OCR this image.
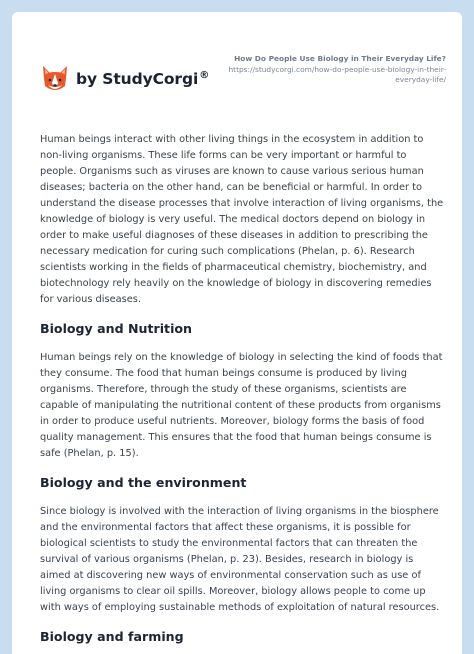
by StudyCorgi®
How Do People Use Biology in Their Everyday Life?
https://studycorgi.com/how-do-people-use-biology-in-their-everyday-life/

Human beings interact with other living things in the ecosystem in addition to non-living organisms. These life forms can be very important or harmful to people. Organisms such as viruses are known to cause various serious human diseases; bacteria on the other hand, can be beneficial or harmful. In order to understand the disease processes that involve interaction of living organisms, the knowledge of biology is very useful. The medical doctors depend on biology in order to make useful diagnoses of these diseases in addition to prescribing the necessary medication for curing such complications (Phelan, p. 6). Research scientists working in the fields of pharmaceutical chemistry, biochemistry, and biotechnology rely heavily on the knowledge of biology in discovering remedies for various diseases.

Biology and Nutrition

Human beings rely on the knowledge of biology in selecting the kind of foods that they consume. The food that human beings consume is produced by living organisms. Therefore, through the study of these organisms, scientists are capable of manipulating the nutritional content of these products from organisms in order to produce useful nutrients. Moreover, biology forms the basis of food quality management. This ensures that the food that human beings consume is safe (Phelan, p. 15).

Biology and the environment

Since biology is involved with the interaction of living organisms in the biosphere and the environmental factors that affect these organisms, it is possible for biological scientists to study the environmental factors that can threaten the survival of various organisms (Phelan, p. 23). Besides, research in biology is aimed at discovering new ways of environmental conservation such as use of living organisms to clear oil spills. Moreover, biology allows people to come up with ways of employing sustainable methods of exploitation of natural resources.

Biology and farming
